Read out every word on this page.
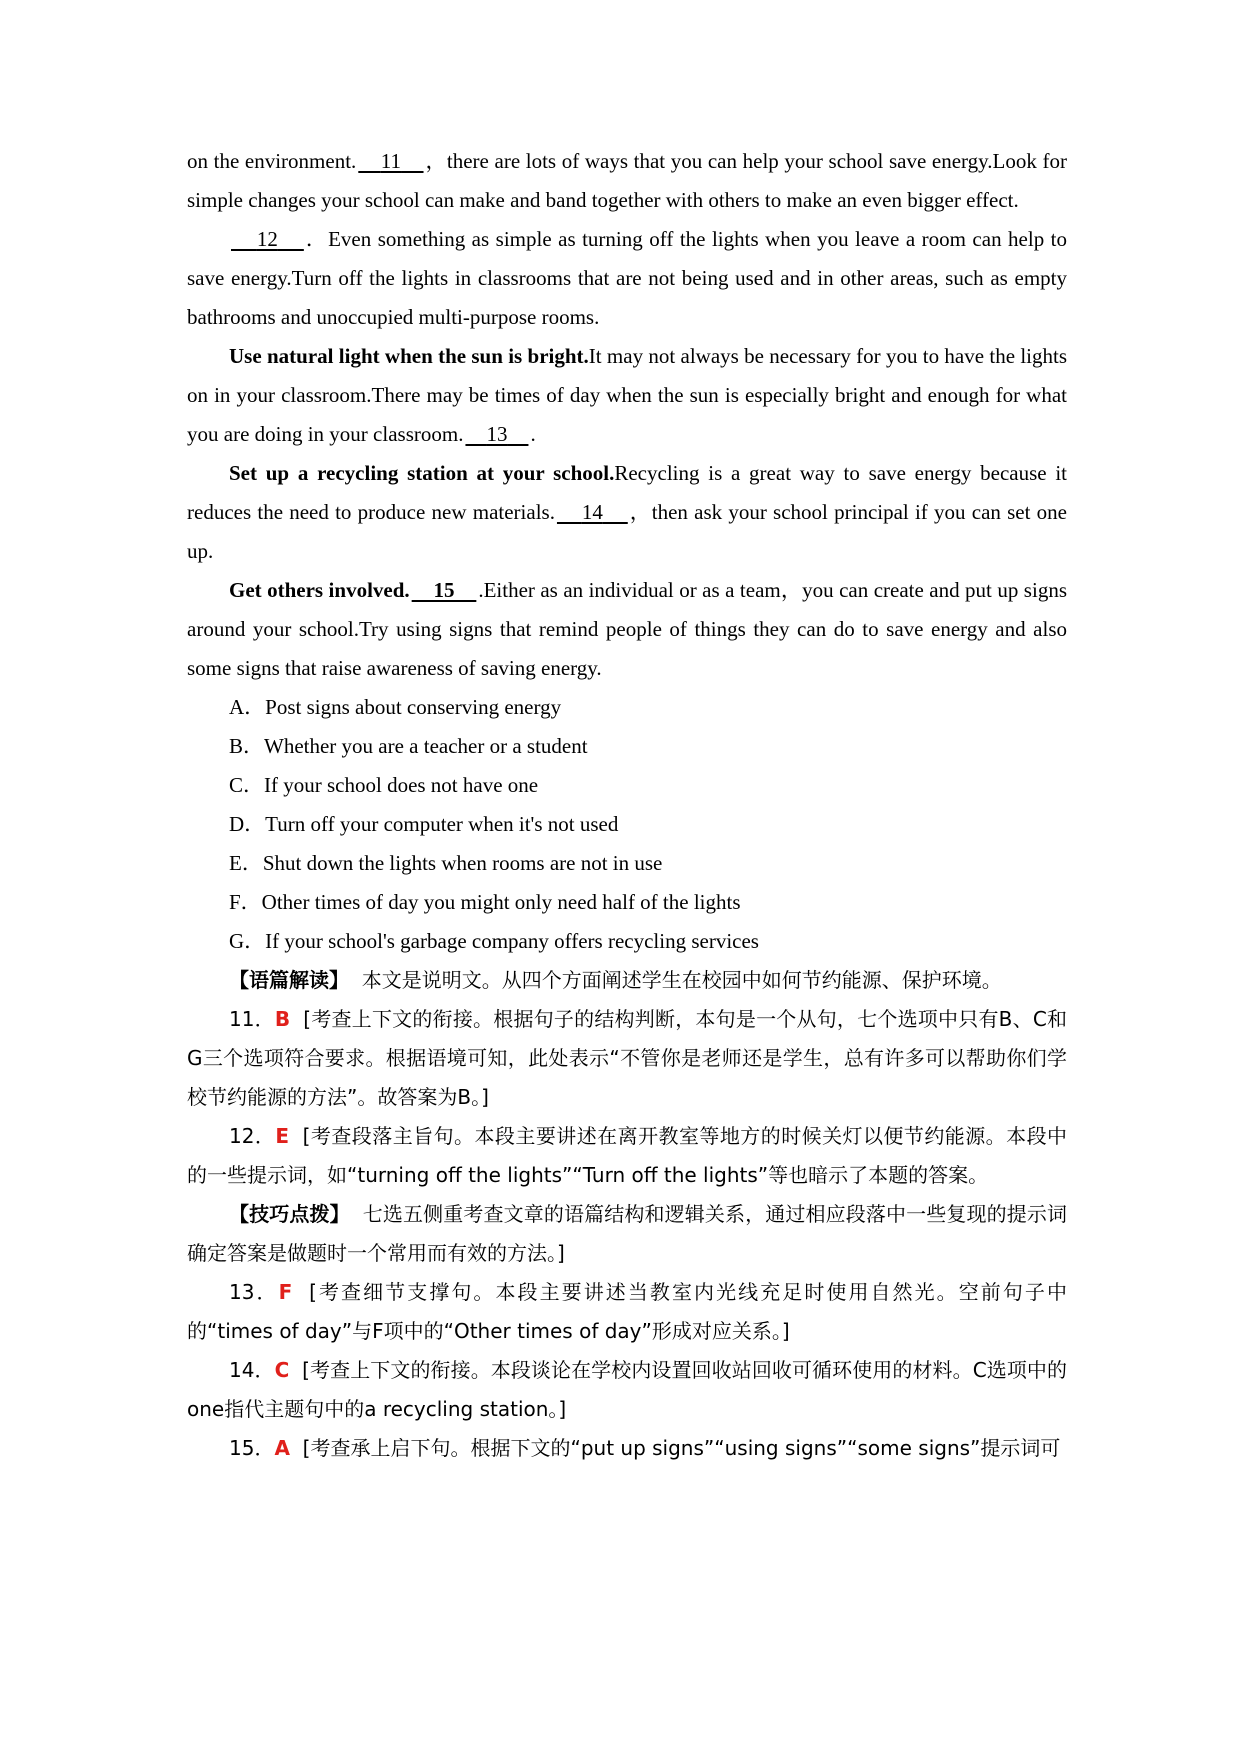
on the environment. 11 ，there are lots of ways that you can help your school save energy.Look for simple changes your school can make and band together with others to make an even bigger effect.

12 ．Even something as simple as turning off the lights when you leave a room can help to save energy.Turn off the lights in classrooms that are not being used and in other areas, such as empty bathrooms and unoccupied multi-purpose rooms.

Use natural light when the sun is bright.It may not always be necessary for you to have the lights on in your classroom.There may be times of day when the sun is especially bright and enough for what you are doing in your classroom. 13 .

Set up a recycling station at your school.Recycling is a great way to save energy because it reduces the need to produce new materials. 14 ，then ask your school principal if you can set one up.

Get others involved. 15 .Either as an individual or as a team，you can create and put up signs around your school.Try using signs that remind people of things they can do to save energy and also some signs that raise awareness of saving energy.

A．Post signs about conserving energy

B．Whether you are a teacher or a student

C．If your school does not have one

D．Turn off your computer when it's not used

E．Shut down the lights when rooms are not in use

F．Other times of day you might only need half of the lights

G．If your school's garbage company offers recycling services

【语篇解读】 本文是说明文。从四个方面阐述学生在校园中如何节约能源、保护环境。

11．B [考查上下文的衔接。根据句子的结构判断，本句是一个从句，七个选项中只有B、C和G三个选项符合要求。根据语境可知，此处表示“不管你是老师还是学生，总有许多可以帮助你们学校节约能源的方法”。故答案为B。]

12．E [考查段落主旨句。本段主要讲述在离开教室等地方的时候关灯以便节约能源。本段中的一些提示词，如“turning off the lights”“Turn off the lights”等也暗示了本题的答案。

【技巧点拨】 七选五侧重考查文章的语篇结构和逻辑关系，通过相应段落中一些复现的提示词确定答案是做题时一个常用而有效的方法。]

13．F [考查细节支撑句。本段主要讲述当教室内光线充足时使用自然光。空前句子中的“times of day”与F项中的“Other times of day”形成对应关系。]

14．C [考查上下文的衔接。本段谈论在学校内设置回收站回收可循环使用的材料。C选项中的one指代主题句中的a recycling station。]

15．A [考查承上启下句。根据下文的“put up signs”“using signs”“some signs”提示词可
